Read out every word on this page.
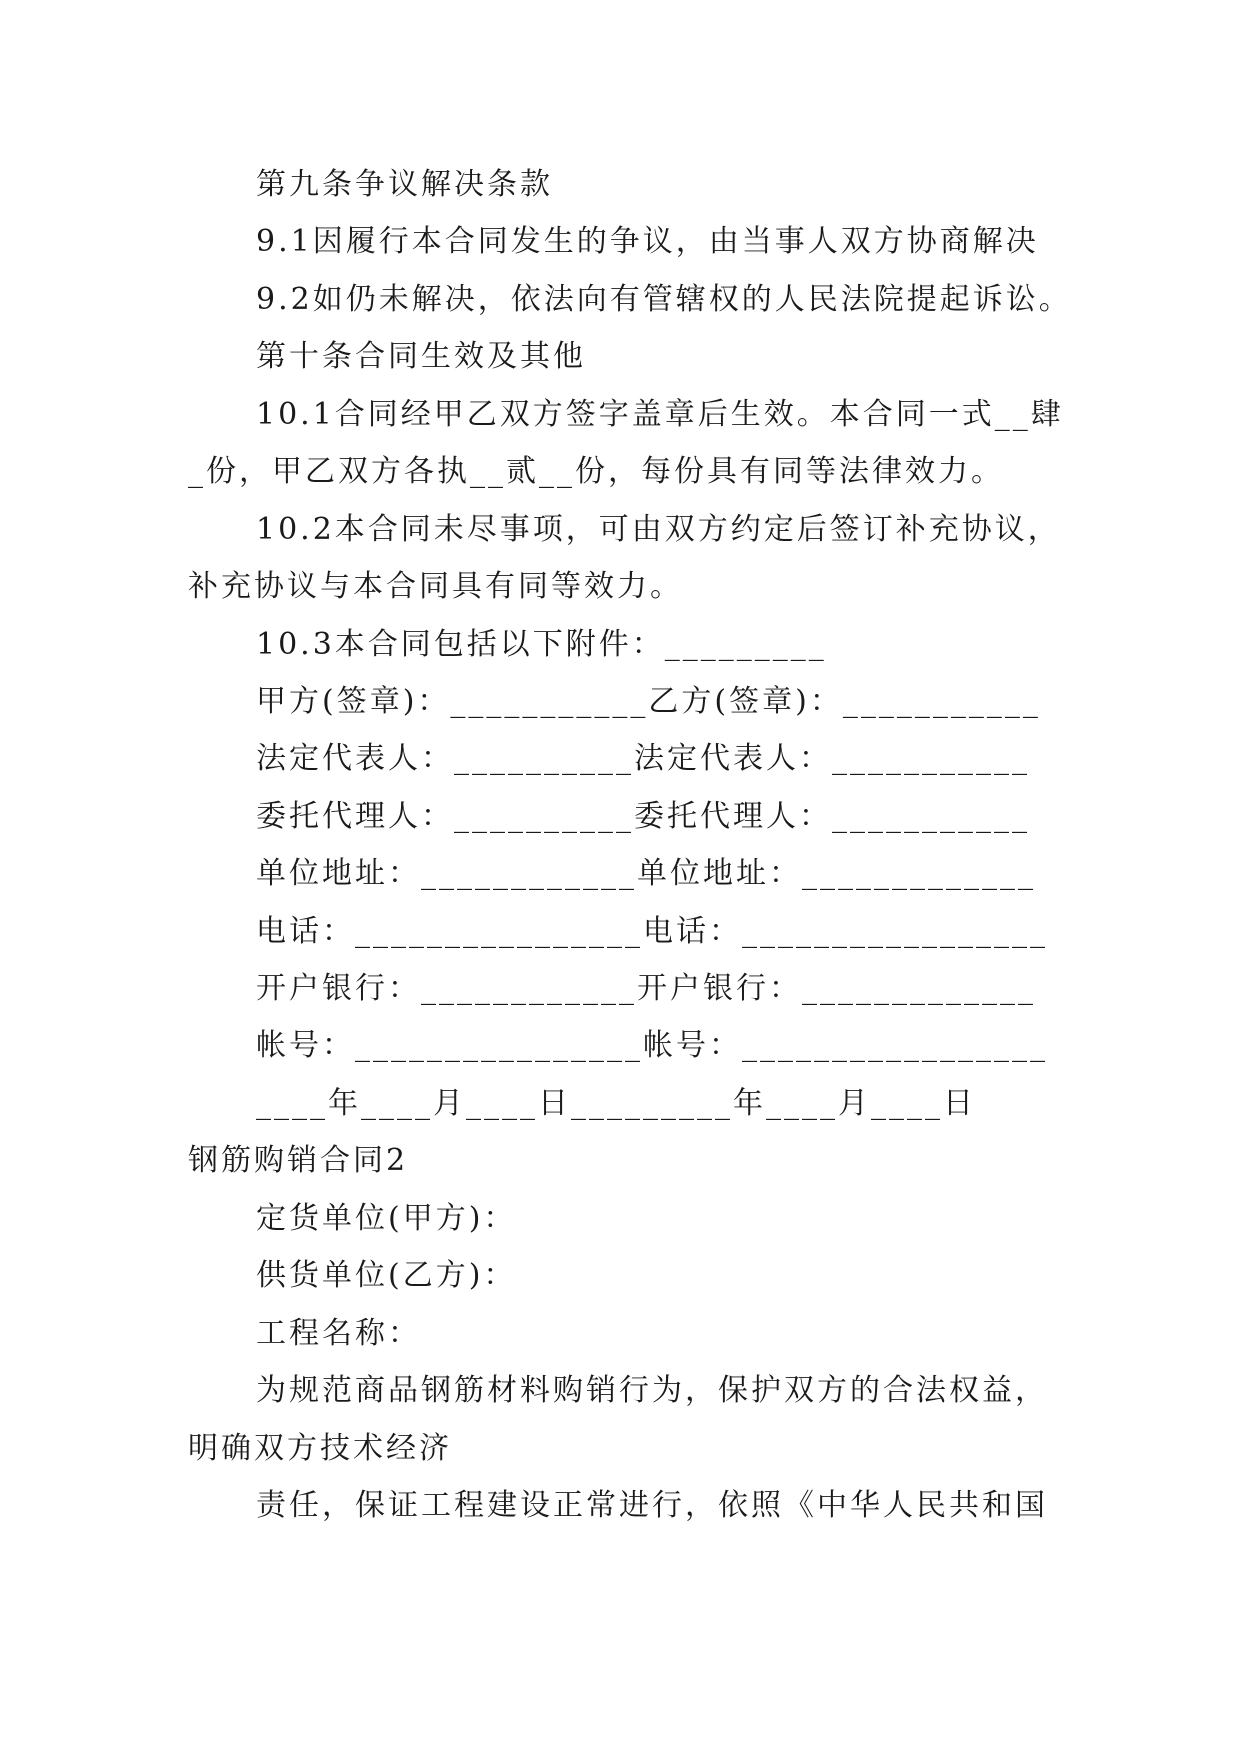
第九条争议解决条款
9.1因履行本合同发生的争议，由当事人双方协商解决
9.2如仍未解决，依法向有管辖权的人民法院提起诉讼。
第十条合同生效及其他
10.1合同经甲乙双方签字盖章后生效。本合同一式__肆
_份，甲乙双方各执__贰__份，每份具有同等法律效力。
10.2本合同未尽事项，可由双方约定后签订补充协议，
补充协议与本合同具有同等效力。
10.3本合同包括以下附件：_________
甲方(签章)：___________乙方(签章)：___________
法定代表人：__________法定代表人：___________
委托代理人：__________委托代理人：___________
单位地址：____________单位地址：_____________
电话：________________电话：_________________
开户银行：____________开户银行：_____________
帐号：________________帐号：_________________
____年____月____日_________年____月____日
钢筋购销合同2
定货单位(甲方)：
供货单位(乙方)：
工程名称：
为规范商品钢筋材料购销行为，保护双方的合法权益，
明确双方技术经济
责任，保证工程建设正常进行，依照《中华人民共和国
